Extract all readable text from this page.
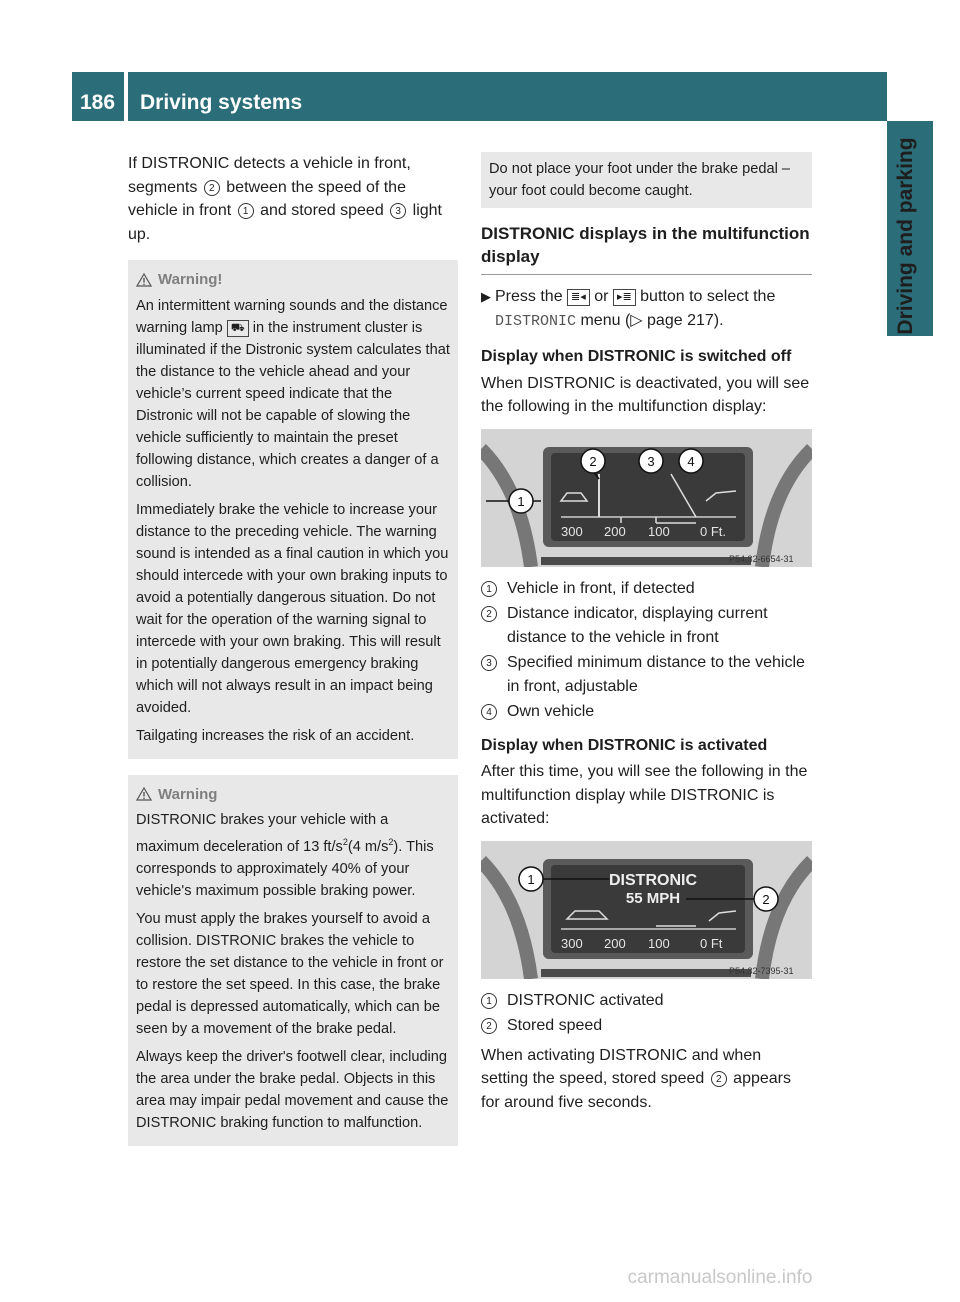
186	Driving systems
Driving and parking

If DISTRONIC detects a vehicle in front, segments 2 between the speed of the vehicle in front 1 and stored speed 3 light up.

Warning!

An intermittent warning sounds and the distance warning lamp ⛟ in the instrument cluster is illuminated if the Distronic system calculates that the distance to the vehicle ahead and your vehicle’s current speed indicate that the Distronic will not be capable of slowing the vehicle sufficiently to maintain the preset following distance, which creates a danger of a collision.

Immediately brake the vehicle to increase your distance to the preceding vehicle. The warning sound is intended as a final caution in which you should intercede with your own braking inputs to avoid a potentially dangerous situation. Do not wait for the operation of the warning signal to intercede with your own braking. This will result in potentially dangerous emergency braking which will not always result in an impact being avoided.

Tailgating increases the risk of an accident.

Warning

DISTRONIC brakes your vehicle with a maximum deceleration of 13 $ft/s^2(4$ $m/s^2$). This corresponds to approximately 40% of your vehicle's maximum possible braking power.

You must apply the brakes yourself to avoid a collision. DISTRONIC brakes the vehicle to restore the set distance to the vehicle in front or to restore the set speed. In this case, the brake pedal is depressed automatically, which can be seen by a movement of the brake pedal.

Always keep the driver's footwell clear, including the area under the brake pedal. Objects in this area may impair pedal movement and cause the DISTRONIC braking function to malfunction.

Do not place your foot under the brake pedal – your foot could become caught.

DISTRONIC displays in the multifunction display
▶ Press the ≣◂ or ▸≣ button to select the DISTRONIC menu (▷ page 217).
Display when DISTRONIC is switched off

When DISTRONIC is deactivated, you will see the following in the multifunction display:

300 200 100 0 Ft.
1
2	3	4
P54.32-6654-31
1 Vehicle in front, if detected
2 Distance indicator, displaying current distance to the vehicle in front
3 Specified minimum distance to the vehicle in front, adjustable
4 Own vehicle
Display when DISTRONIC is activated

After this time, you will see the following in the multifunction display while DISTRONIC is activated:

DISTRONIC
55 MPH
300 200 100 0 Ft
1
2
P54.32-7395-31
1 DISTRONIC activated
2 Stored speed

When activating DISTRONIC and when setting the speed, stored speed 2 appears for around five seconds.

carmanualsonline.info
